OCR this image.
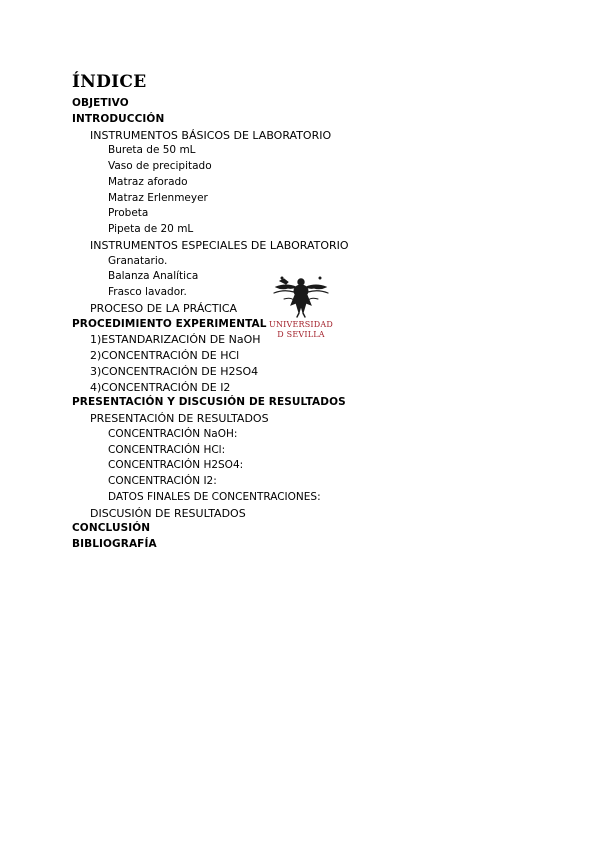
ÍNDICE
OBJETIVO
INTRODUCCIÓN
INSTRUMENTOS BÁSICOS DE LABORATORIO
Bureta de 50 mL
Vaso de precipitado
Matraz aforado
Matraz Erlenmeyer
Probeta
Pipeta de 20 mL
INSTRUMENTOS ESPECIALES DE LABORATORIO
Granatario.
Balanza Analítica
Frasco lavador.
PROCESO DE LA PRÁCTICA
PROCEDIMIENTO EXPERIMENTAL
1)ESTANDARIZACIÓN DE NaOH
2)CONCENTRACIÓN DE HCl
3)CONCENTRACIÓN DE H2SO4
4)CONCENTRACIÓN DE I2
PRESENTACIÓN Y DISCUSIÓN DE RESULTADOS
PRESENTACIÓN DE RESULTADOS
CONCENTRACIÓN NaOH:
CONCENTRACIÓN HCl:
CONCENTRACIÓN H2SO4:
CONCENTRACIÓN I2:
DATOS FINALES DE CONCENTRACIONES:
DISCUSIÓN DE RESULTADOS
CONCLUSIÓN
BIBLIOGRAFÍA
UNIVERSIDAD
D SEVILLA
